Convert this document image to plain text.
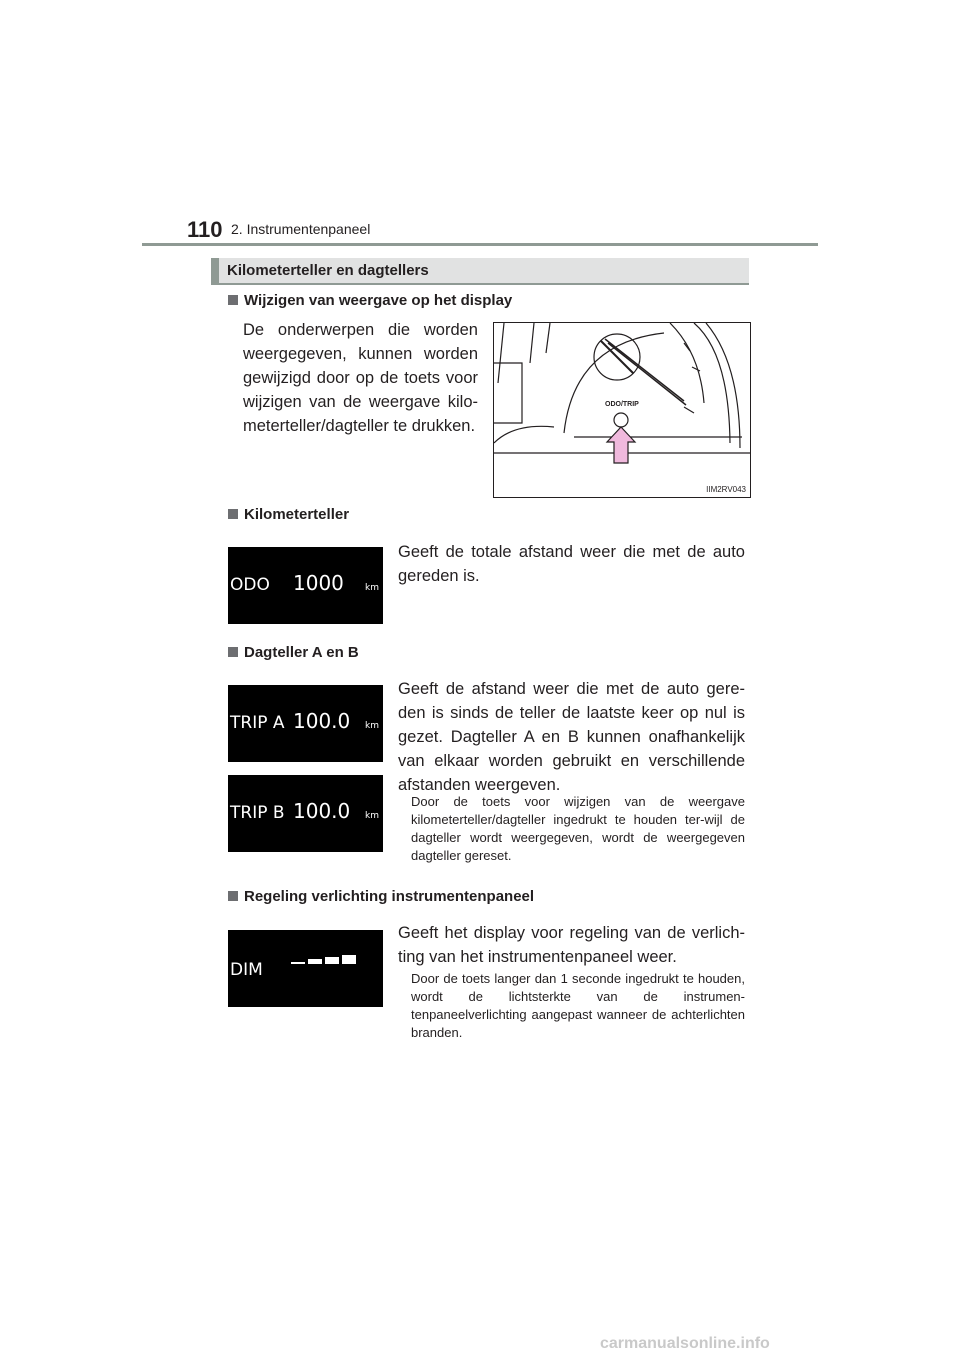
110 2. Instrumentenpaneel
Kilometerteller en dagtellers
Wijzigen van weergave op het display
De onderwerpen die worden weergegeven, kunnen worden gewijzigd door op de toets voor wijzigen van de weergave kilo-meterteller/dagteller te drukken.
ODO/TRIP
IIM2RV043
Kilometerteller
ODO 1000 km
Geeft de totale afstand weer die met de auto gereden is.
Dagteller A en B
TRIP A 100.0 km
TRIP B 100.0 km
Geeft de afstand weer die met de auto gere-den is sinds de teller de laatste keer op nul is gezet. Dagteller A en B kunnen onafhankelijk van elkaar worden gebruikt en verschillende afstanden weergeven.
Door de toets voor wijzigen van de weergave kilometerteller/dagteller ingedrukt te houden ter-wijl de dagteller wordt weergegeven, wordt de weergegeven dagteller gereset.
Regeling verlichting instrumentenpaneel
DIM
Geeft het display voor regeling van de verlich-ting van het instrumentenpaneel weer.
Door de toets langer dan 1 seconde ingedrukt te houden, wordt de lichtsterkte van de instrumen-tenpaneelverlichting aangepast wanneer de achterlichten branden.
carmanualsonline.info
